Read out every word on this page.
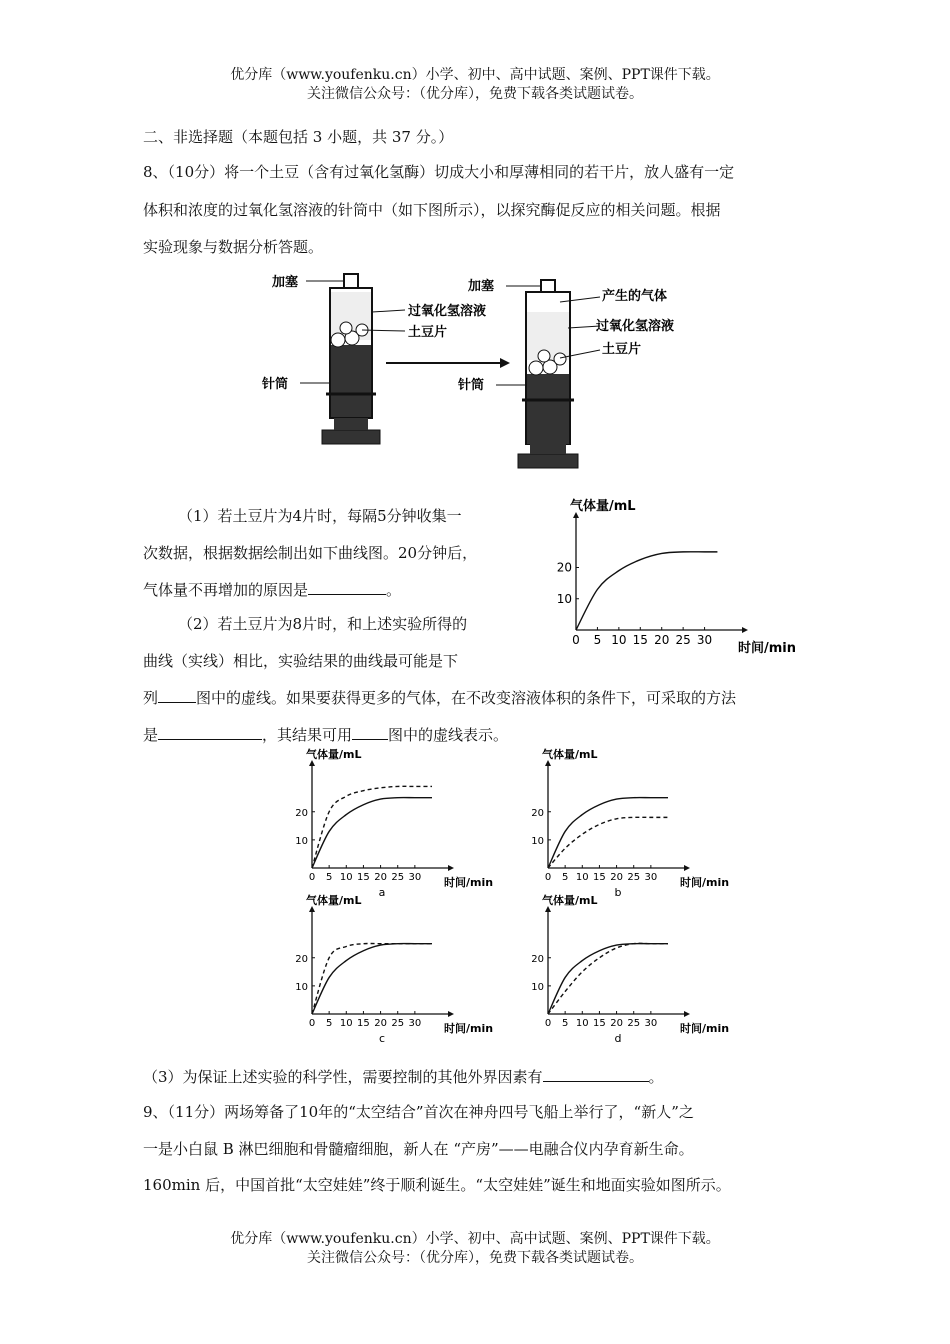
优分库（www.youfenku.cn）小学、初中、高中试题、案例、PPT课件下载。
关注微信公众号：（优分库），免费下载各类试题试卷。
二、非选择题（本题包括 3 小题，共 37 分。）
8、（10分）将一个土豆（含有过氧化氢酶）切成大小和厚薄相同的若干片，放人盛有一定
体积和浓度的过氧化氢溶液的针筒中（如下图所示），以探究酶促反应的相关问题。根据
实验现象与数据分析答题。
加塞
过氧化氢溶液
土豆片
针筒
加塞
产生的气体
过氧化氢溶液
土豆片
针筒
（1）若土豆片为4片时，每隔5分钟收集一
次数据，根据数据绘制出如下曲线图。20分钟后，
气体量不再增加的原因是	。
（2）若土豆片为8片时，和上述实验所得的
曲线（实线）相比，实验结果的曲线最可能是下
列	图中的虚线。如果要获得更多的气体，在不改变溶液体积的条件下，可采取的方法
是	，其结果可用 图中的虚线表示。
气体量/mL
时间/min
0 5 10 15 20 25 30
10
20
气体量/mL
时间/min
0 5 10 15 20 25 30
10
20
a
气体量/mL
时间/min
0 5 10 15 20 25 30
10
20
b
气体量/mL
时间/min
0 5 10 15 20 25 30
10
20
c
气体量/mL
时间/min
0 5 10 15 20 25 30
10
20
d
（3）为保证上述实验的科学性，需要控制的其他外界因素有	。
9、（11分）两场筹备了10年的“太空结合”首次在神舟四号飞船上举行了，“新人”之
一是小白鼠 B 淋巴细胞和骨髓瘤细胞，新人在 “产房”——电融合仪内孕育新生命。
160min 后，中国首批“太空娃娃”终于顺利诞生。“太空娃娃”诞生和地面实验如图所示。
优分库（www.youfenku.cn）小学、初中、高中试题、案例、PPT课件下载。
关注微信公众号：（优分库），免费下载各类试题试卷。
